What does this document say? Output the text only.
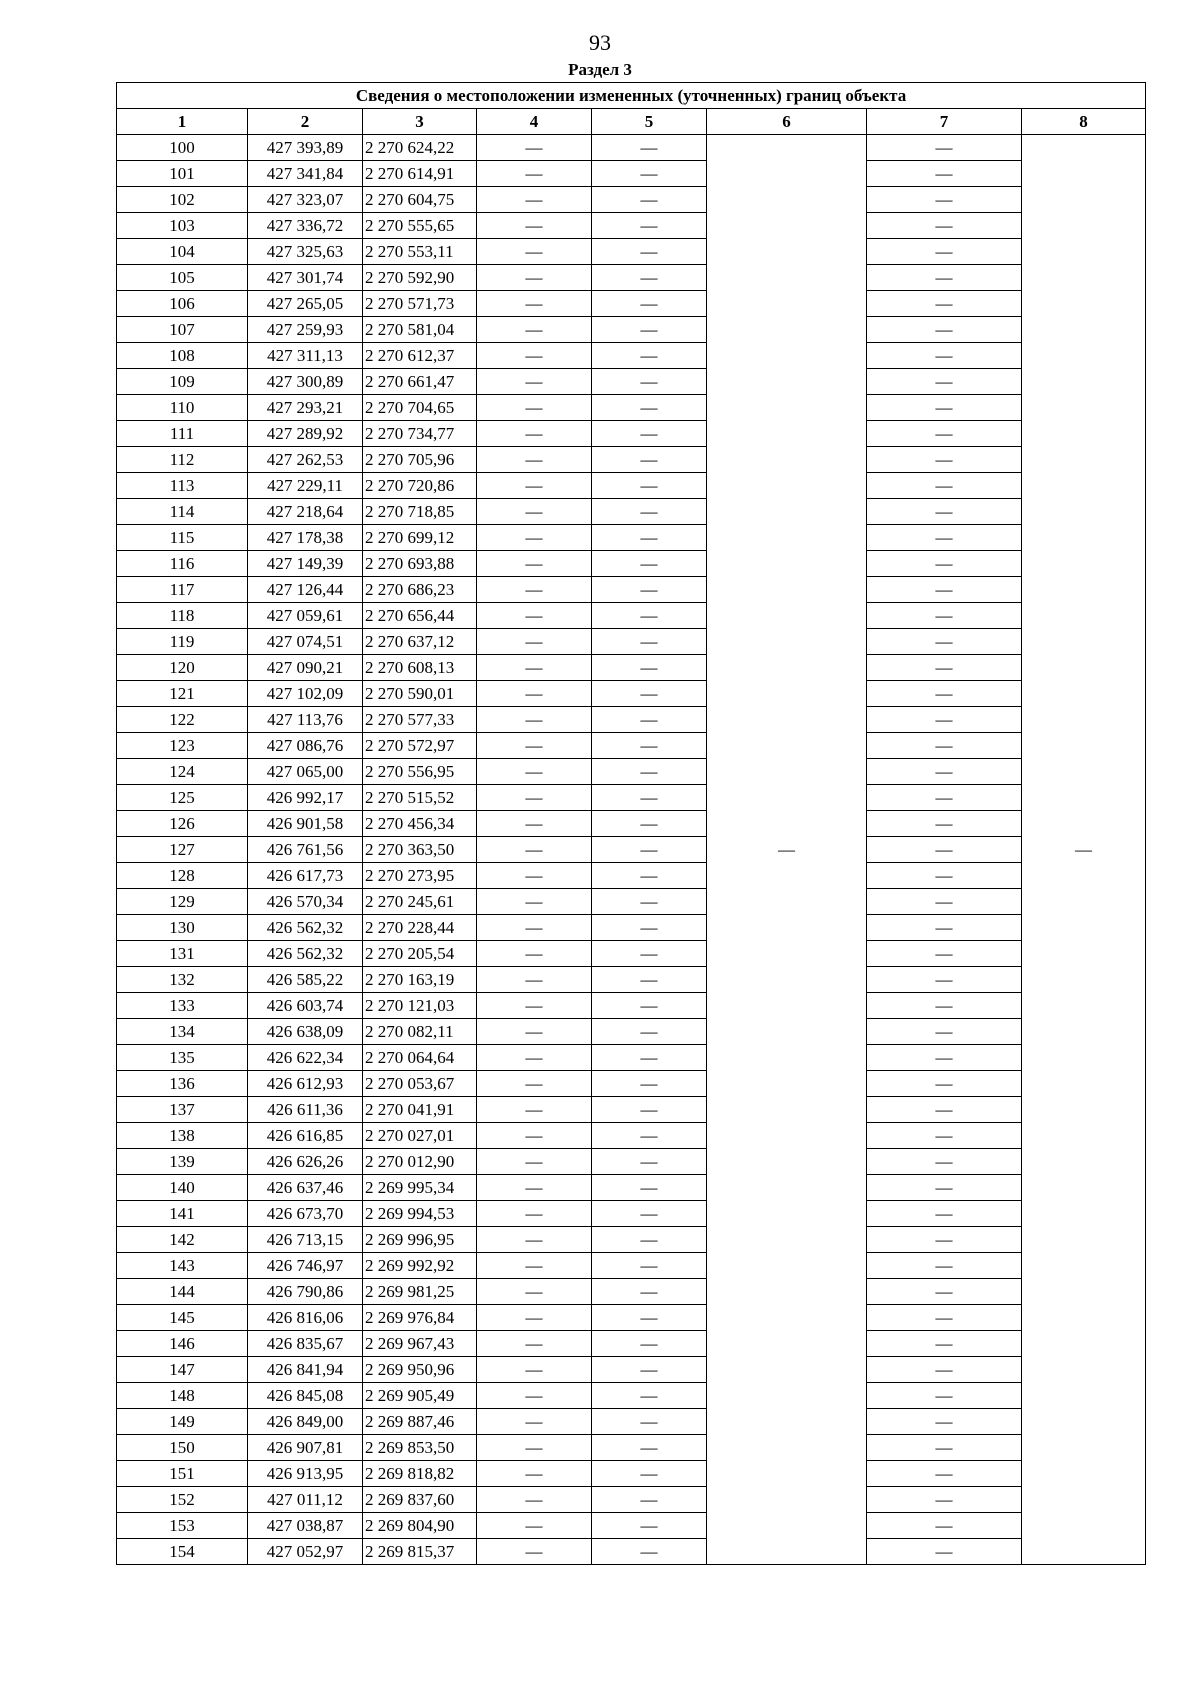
93
Раздел 3
Сведения о местоположении измененных (уточненных) границ объекта							
1	2	3	4	5	6	7	8
100	427 393,89	2 270 624,22	—	—	—	—	—
101	427 341,84	2 270 614,91	—	—		—	
102	427 323,07	2 270 604,75	—	—		—	
103	427 336,72	2 270 555,65	—	—		—	
104	427 325,63	2 270 553,11	—	—		—	
105	427 301,74	2 270 592,90	—	—		—	
106	427 265,05	2 270 571,73	—	—		—	
107	427 259,93	2 270 581,04	—	—		—	
108	427 311,13	2 270 612,37	—	—		—	
109	427 300,89	2 270 661,47	—	—		—	
110	427 293,21	2 270 704,65	—	—		—	
111	427 289,92	2 270 734,77	—	—		—	
112	427 262,53	2 270 705,96	—	—		—	
113	427 229,11	2 270 720,86	—	—		—	
114	427 218,64	2 270 718,85	—	—		—	
115	427 178,38	2 270 699,12	—	—		—	
116	427 149,39	2 270 693,88	—	—		—	
117	427 126,44	2 270 686,23	—	—		—	
118	427 059,61	2 270 656,44	—	—		—	
119	427 074,51	2 270 637,12	—	—		—	
120	427 090,21	2 270 608,13	—	—		—	
121	427 102,09	2 270 590,01	—	—		—	
122	427 113,76	2 270 577,33	—	—		—	
123	427 086,76	2 270 572,97	—	—		—	
124	427 065,00	2 270 556,95	—	—		—	
125	426 992,17	2 270 515,52	—	—		—	
126	426 901,58	2 270 456,34	—	—		—	
127	426 761,56	2 270 363,50	—	—		—	
128	426 617,73	2 270 273,95	—	—		—	
129	426 570,34	2 270 245,61	—	—		—	
130	426 562,32	2 270 228,44	—	—		—	
131	426 562,32	2 270 205,54	—	—		—	
132	426 585,22	2 270 163,19	—	—		—	
133	426 603,74	2 270 121,03	—	—		—	
134	426 638,09	2 270 082,11	—	—		—	
135	426 622,34	2 270 064,64	—	—		—	
136	426 612,93	2 270 053,67	—	—		—	
137	426 611,36	2 270 041,91	—	—		—	
138	426 616,85	2 270 027,01	—	—		—	
139	426 626,26	2 270 012,90	—	—		—	
140	426 637,46	2 269 995,34	—	—		—	
141	426 673,70	2 269 994,53	—	—		—	
142	426 713,15	2 269 996,95	—	—		—	
143	426 746,97	2 269 992,92	—	—		—	
144	426 790,86	2 269 981,25	—	—		—	
145	426 816,06	2 269 976,84	—	—		—	
146	426 835,67	2 269 967,43	—	—		—	
147	426 841,94	2 269 950,96	—	—		—	
148	426 845,08	2 269 905,49	—	—		—	
149	426 849,00	2 269 887,46	—	—		—	
150	426 907,81	2 269 853,50	—	—		—	
151	426 913,95	2 269 818,82	—	—		—	
152	427 011,12	2 269 837,60	—	—		—	
153	427 038,87	2 269 804,90	—	—		—	
154	427 052,97	2 269 815,37	—	—		—	
